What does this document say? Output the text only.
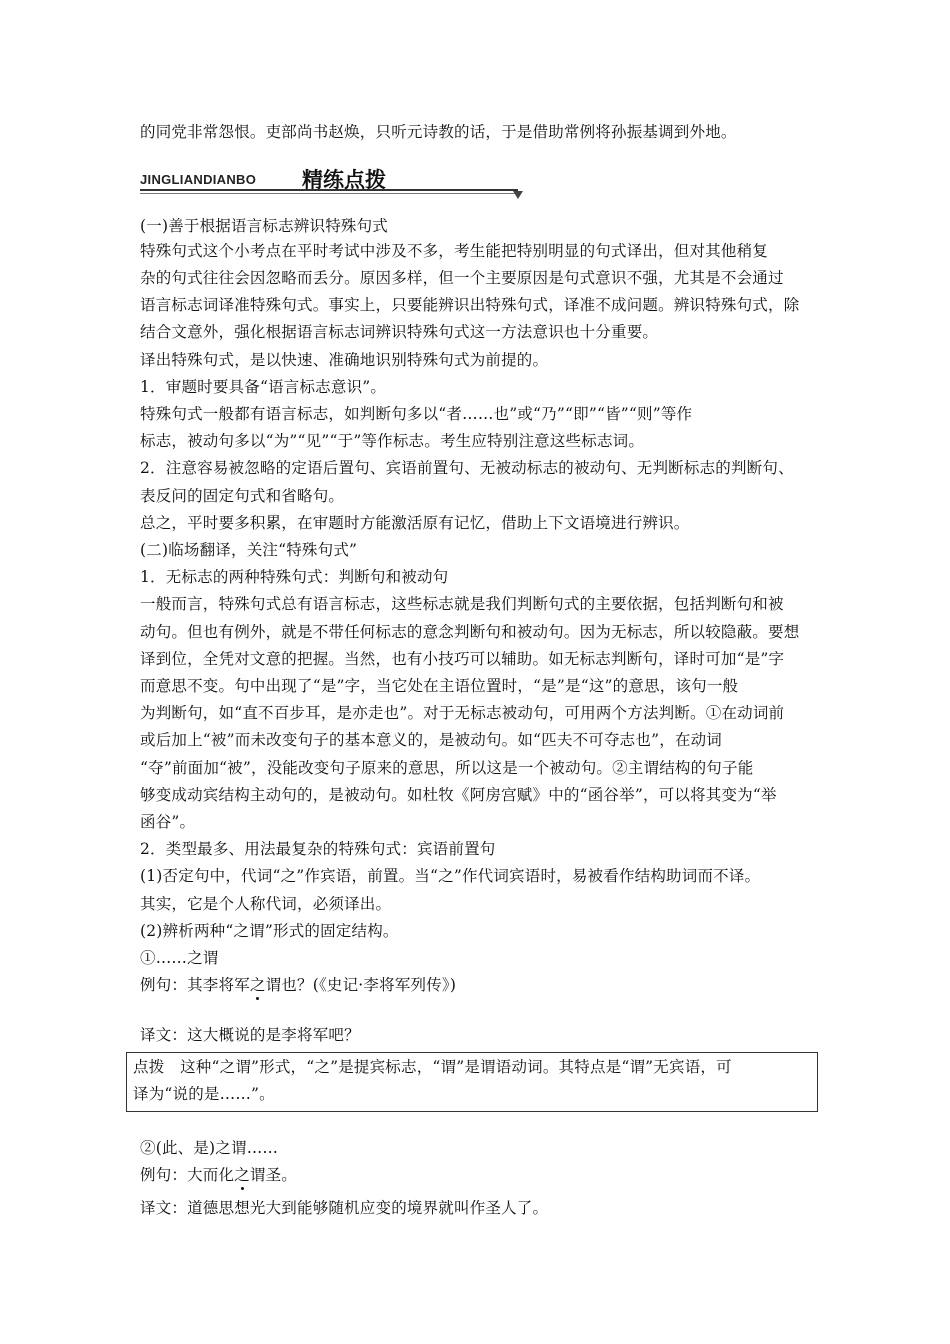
的同党非常怨恨。吏部尚书赵焕，只听元诗教的话，于是借助常例将孙振基调到外地。
JINGLIANDIANBO 精练点拨
(一)善于根据语言标志辨识特殊句式
特殊句式这个小考点在平时考试中涉及不多，考生能把特别明显的句式译出，但对其他稍复
杂的句式往往会因忽略而丢分。原因多样，但一个主要原因是句式意识不强，尤其是不会通过
语言标志词译准特殊句式。事实上，只要能辨识出特殊句式，译准不成问题。辨识特殊句式，除
结合文意外，强化根据语言标志词辨识特殊句式这一方法意识也十分重要。
译出特殊句式，是以快速、准确地识别特殊句式为前提的。
1．审题时要具备“语言标志意识”。
特殊句式一般都有语言标志，如判断句多以“者……也”或“乃”“即”“皆”“则”等作
标志，被动句多以“为”“见”“于”等作标志。考生应特别注意这些标志词。
2．注意容易被忽略的定语后置句、宾语前置句、无被动标志的被动句、无判断标志的判断句、
表反问的固定句式和省略句。
总之，平时要多积累，在审题时方能激活原有记忆，借助上下文语境进行辨识。
(二)临场翻译，关注“特殊句式”
1．无标志的两种特殊句式：判断句和被动句
一般而言，特殊句式总有语言标志，这些标志就是我们判断句式的主要依据，包括判断句和被
动句。但也有例外，就是不带任何标志的意念判断句和被动句。因为无标志，所以较隐蔽。要想
译到位，全凭对文意的把握。当然，也有小技巧可以辅助。如无标志判断句，译时可加“是”字
而意思不变。句中出现了“是”字，当它处在主语位置时，“是”是“这”的意思，该句一般
为判断句，如“直不百步耳，是亦走也”。对于无标志被动句，可用两个方法判断。①在动词前
或后加上“被”而未改变句子的基本意义的，是被动句。如“匹夫不可夺志也”，在动词
“夺”前面加“被”，没能改变句子原来的意思，所以这是一个被动句。②主谓结构的句子能
够变成动宾结构主动句的，是被动句。如杜牧《阿房宫赋》中的“函谷举”，可以将其变为“举
函谷”。
2．类型最多、用法最复杂的特殊句式：宾语前置句
(1)否定句中，代词“之”作宾语，前置。当“之”作代词宾语时，易被看作结构助词而不译。
其实，它是个人称代词，必须译出。
(2)辨析两种“之谓”形式的固定结构。
①……之谓
例句：其李将军之谓也？(《史记·李将军列传》)
译文：这大概说的是李将军吧？
点拨　这种“之谓”形式，“之”是提宾标志，“谓”是谓语动词。其特点是“谓”无宾语，可
译为“说的是……”。
②(此、是)之谓……
例句：大而化之谓圣。
译文：道德思想光大到能够随机应变的境界就叫作圣人了。
